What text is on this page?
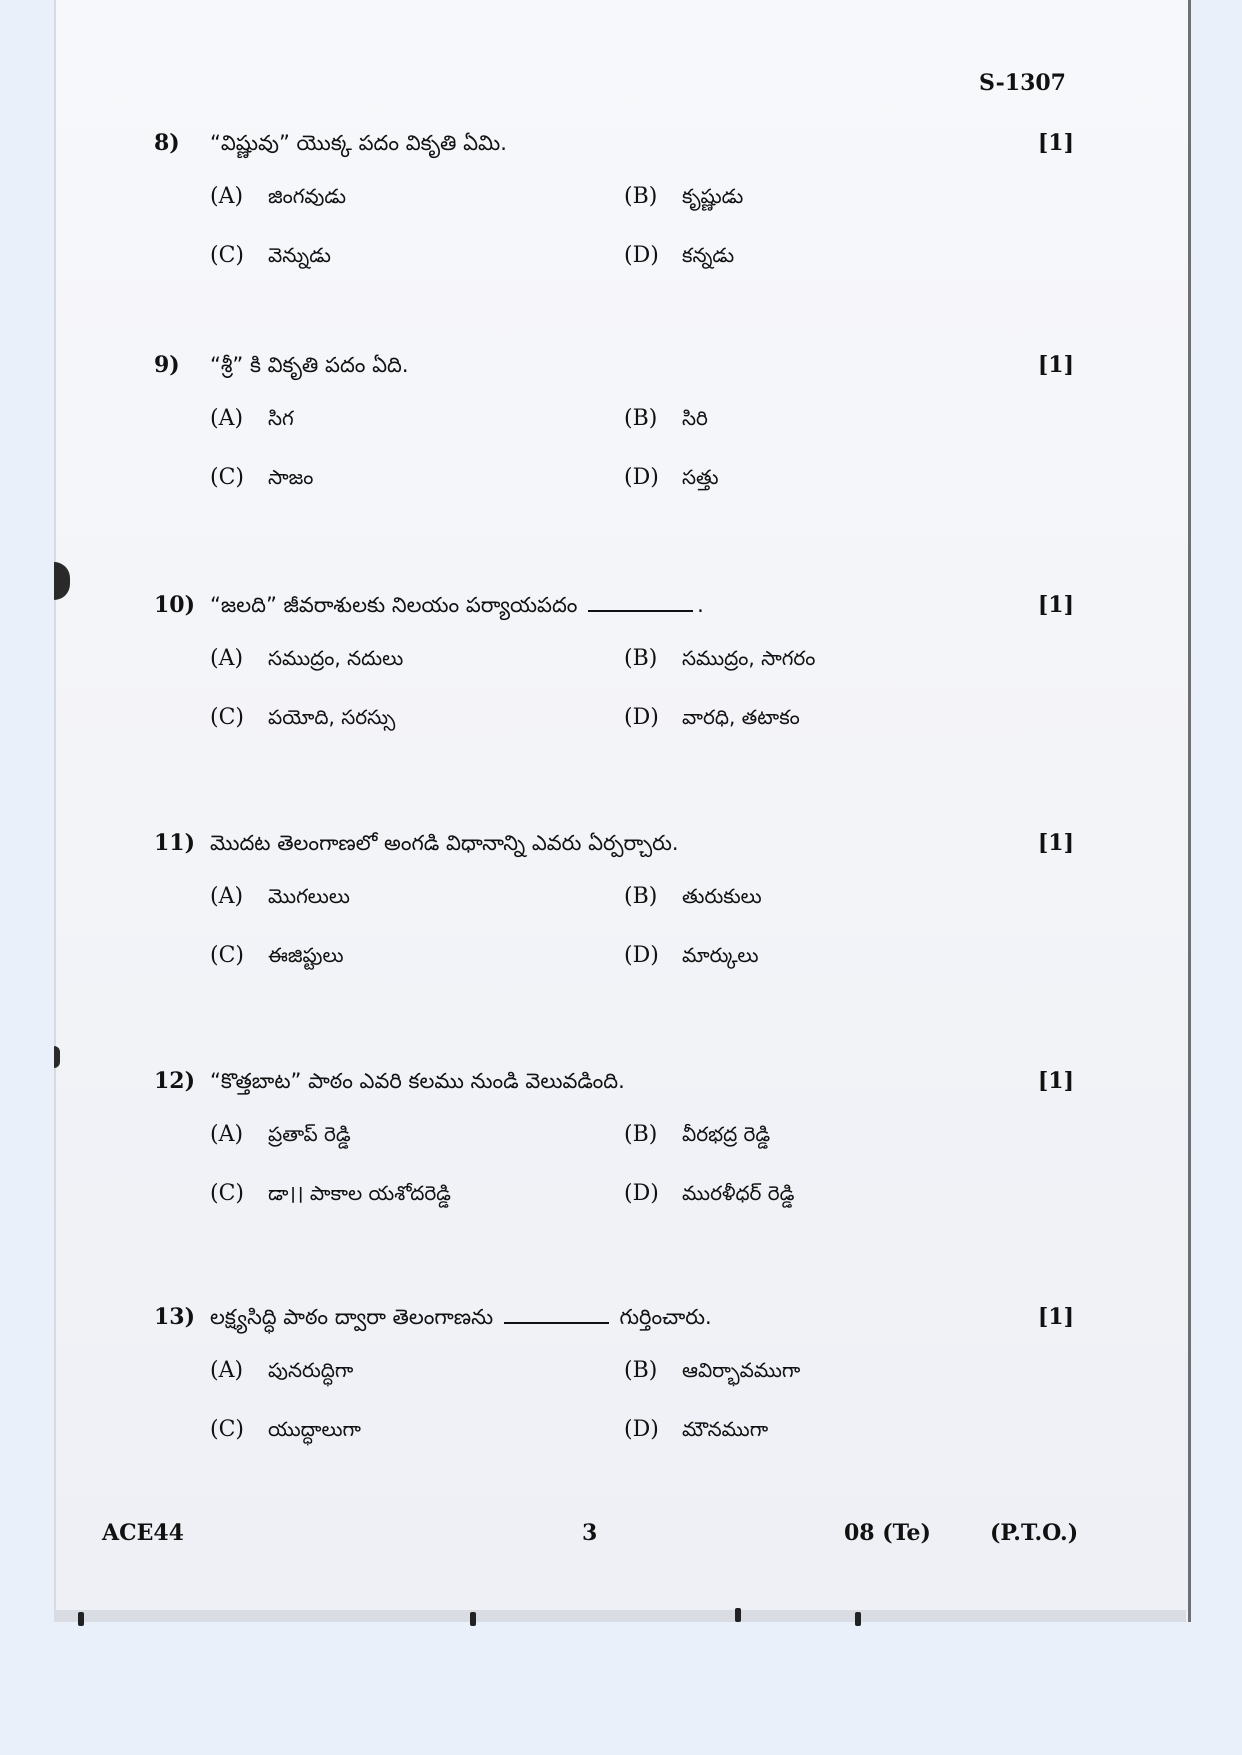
S-1307
8)	“విష్ణువు” యొక్క పదం వికృతి ఏమి.	[1]
(A)	జింగవుడు	(B)	కృష్ణుడు
(C)	వెన్నుడు	(D)	కన్నడు
9)	“శ్రీ” కి వికృతి పదం ఏది.	[1]
(A)	సిగ	(B)	సిరి
(C)	సాజం	(D)	సత్తు
10) “జలది” జీవరాశులకు నిలయం పర్యాయపదం	.	[1]
(A)	సముద్రం, నదులు	(B)	సముద్రం, సాగరం
(C)	పయోది, సరస్సు	(D)	వారధి, తటాకం
11) మొదట తెలంగాణలో అంగడి విధానాన్ని ఎవరు ఏర్పర్చారు.	[1]
(A)	మొగలులు	(B)	తురుకులు
(C)	ఈజిప్టులు	(D)	మార్కులు
12) “కొత్తబాట” పాఠం ఎవరి కలము నుండి వెలువడింది.	[1]
(A)	ప్రతాప్ రెడ్డి	(B)	వీరభద్ర రెడ్డి
(C)	డా।। పాకాల యశోదరెడ్డి	(D)	మురళీధర్ రెడ్డి
13) లక్ష్యసిద్ధి పాఠం ద్వారా తెలంగాణను	గుర్తించారు.	[1]
(A)	పునరుద్ధిగా	(B)	ఆవిర్భావముగా
(C)	యుద్ధాలుగా	(D)	మౌనముగా
ACE44	3	08 (Te)	(P.T.O.)
